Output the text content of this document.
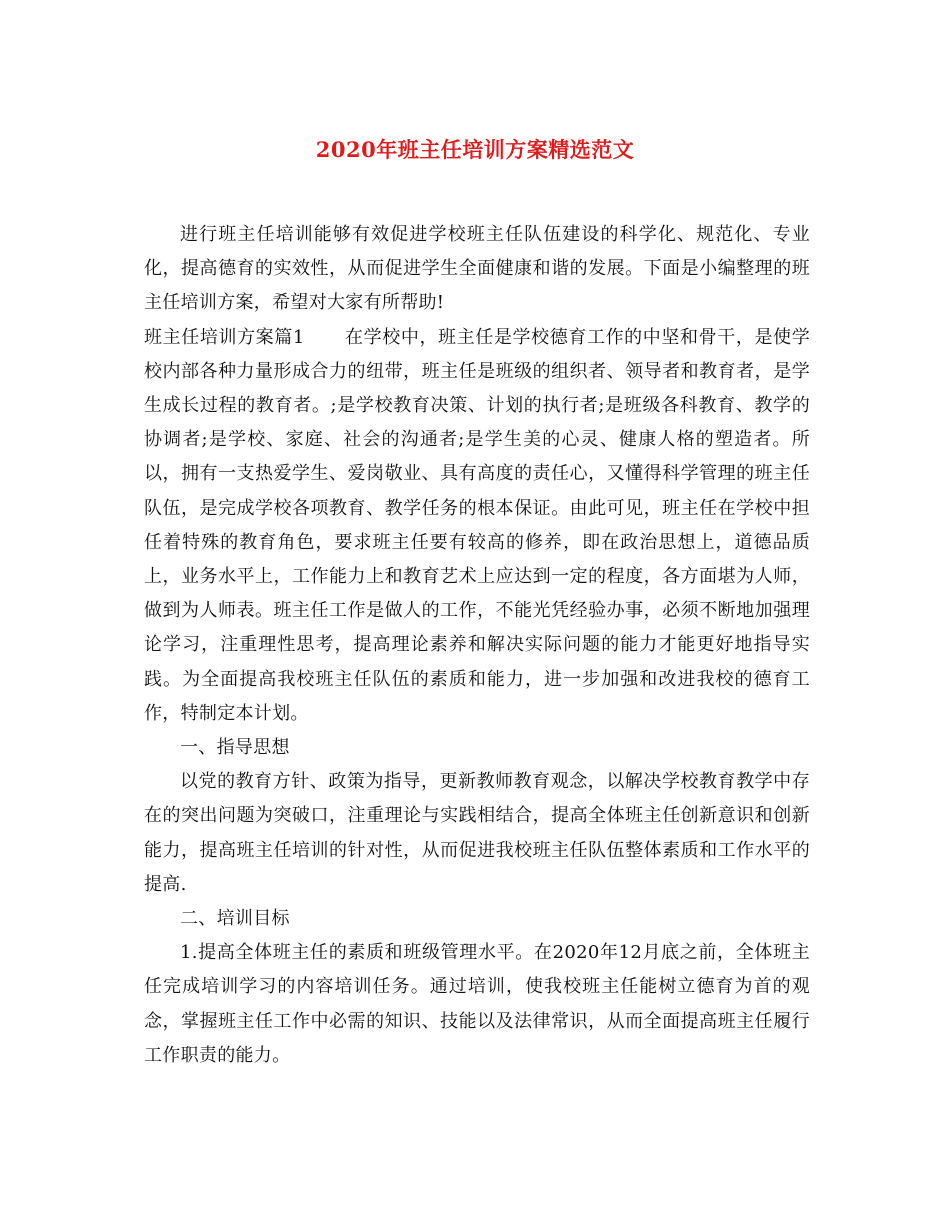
2020年班主任培训方案精选范文

进行班主任培训能够有效促进学校班主任队伍建设的科学化、规范化、专业化，提高德育的实效性，从而促进学生全面健康和谐的发展。下面是小编整理的班主任培训方案，希望对大家有所帮助!

班主任培训方案篇1 在学校中，班主任是学校德育工作的中坚和骨干，是使学校内部各种力量形成合力的纽带，班主任是班级的组织者、领导者和教育者，是学生成长过程的教育者。;是学校教育决策、计划的执行者;是班级各科教育、教学的协调者;是学校、家庭、社会的沟通者;是学生美的心灵、健康人格的塑造者。所以，拥有一支热爱学生、爱岗敬业、具有高度的责任心，又懂得科学管理的班主任队伍，是完成学校各项教育、教学任务的根本保证。由此可见，班主任在学校中担任着特殊的教育角色，要求班主任要有较高的修养，即在政治思想上，道德品质上，业务水平上，工作能力上和教育艺术上应达到一定的程度，各方面堪为人师，做到为人师表。班主任工作是做人的工作，不能光凭经验办事，必须不断地加强理论学习，注重理性思考，提高理论素养和解决实际问题的能力才能更好地指导实践。为全面提高我校班主任队伍的素质和能力，进一步加强和改进我校的德育工作，特制定本计划。

一、指导思想

以党的教育方针、政策为指导，更新教师教育观念，以解决学校教育教学中存在的突出问题为突破口，注重理论与实践相结合，提高全体班主任创新意识和创新能力，提高班主任培训的针对性，从而促进我校班主任队伍整体素质和工作水平的提高.

二、培训目标

1.提高全体班主任的素质和班级管理水平。在2020年12月底之前，全体班主任完成培训学习的内容培训任务。通过培训，使我校班主任能树立德育为首的观念，掌握班主任工作中必需的知识、技能以及法律常识，从而全面提高班主任履行工作职责的能力。
